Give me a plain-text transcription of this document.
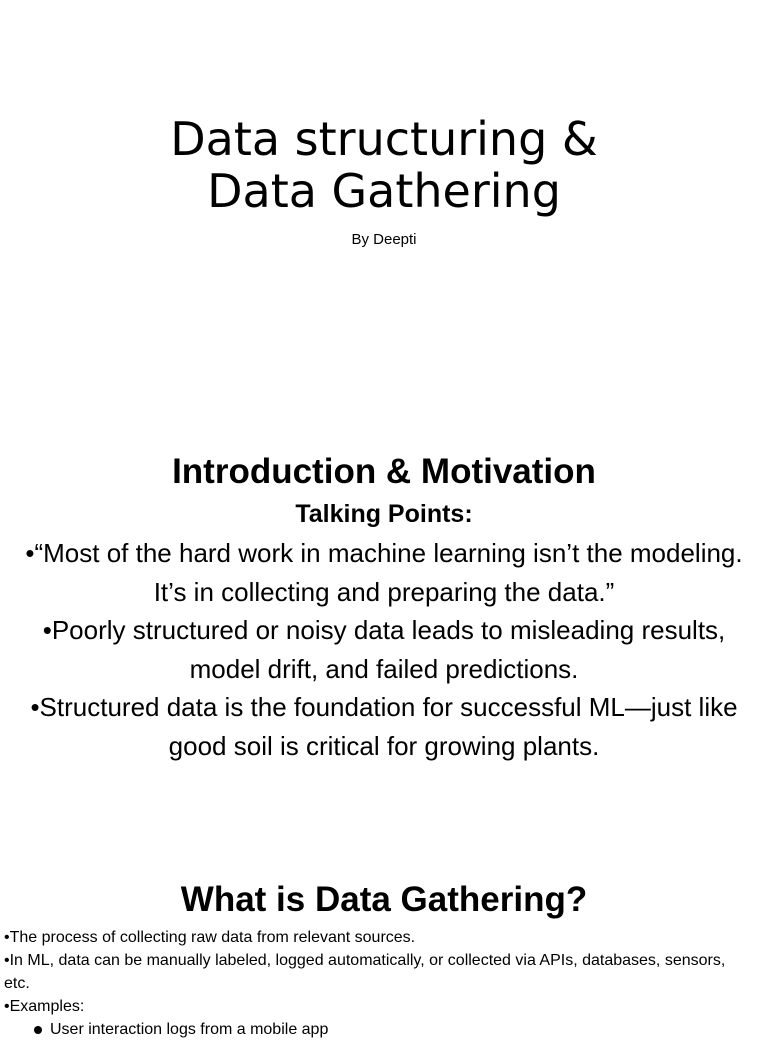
Data structuring &
Data Gathering
By Deepti
Introduction & Motivation
Talking Points:
•“Most of the hard work in machine learning isn’t the modeling. It’s in collecting and preparing the data.”
•Poorly structured or noisy data leads to misleading results, model drift, and failed predictions.
•Structured data is the foundation for successful ML—just like good soil is critical for growing plants.
What is Data Gathering?
•The process of collecting raw data from relevant sources.
•In ML, data can be manually labeled, logged automatically, or collected via APIs, databases, sensors, etc.
•Examples:
User interaction logs from a mobile app
